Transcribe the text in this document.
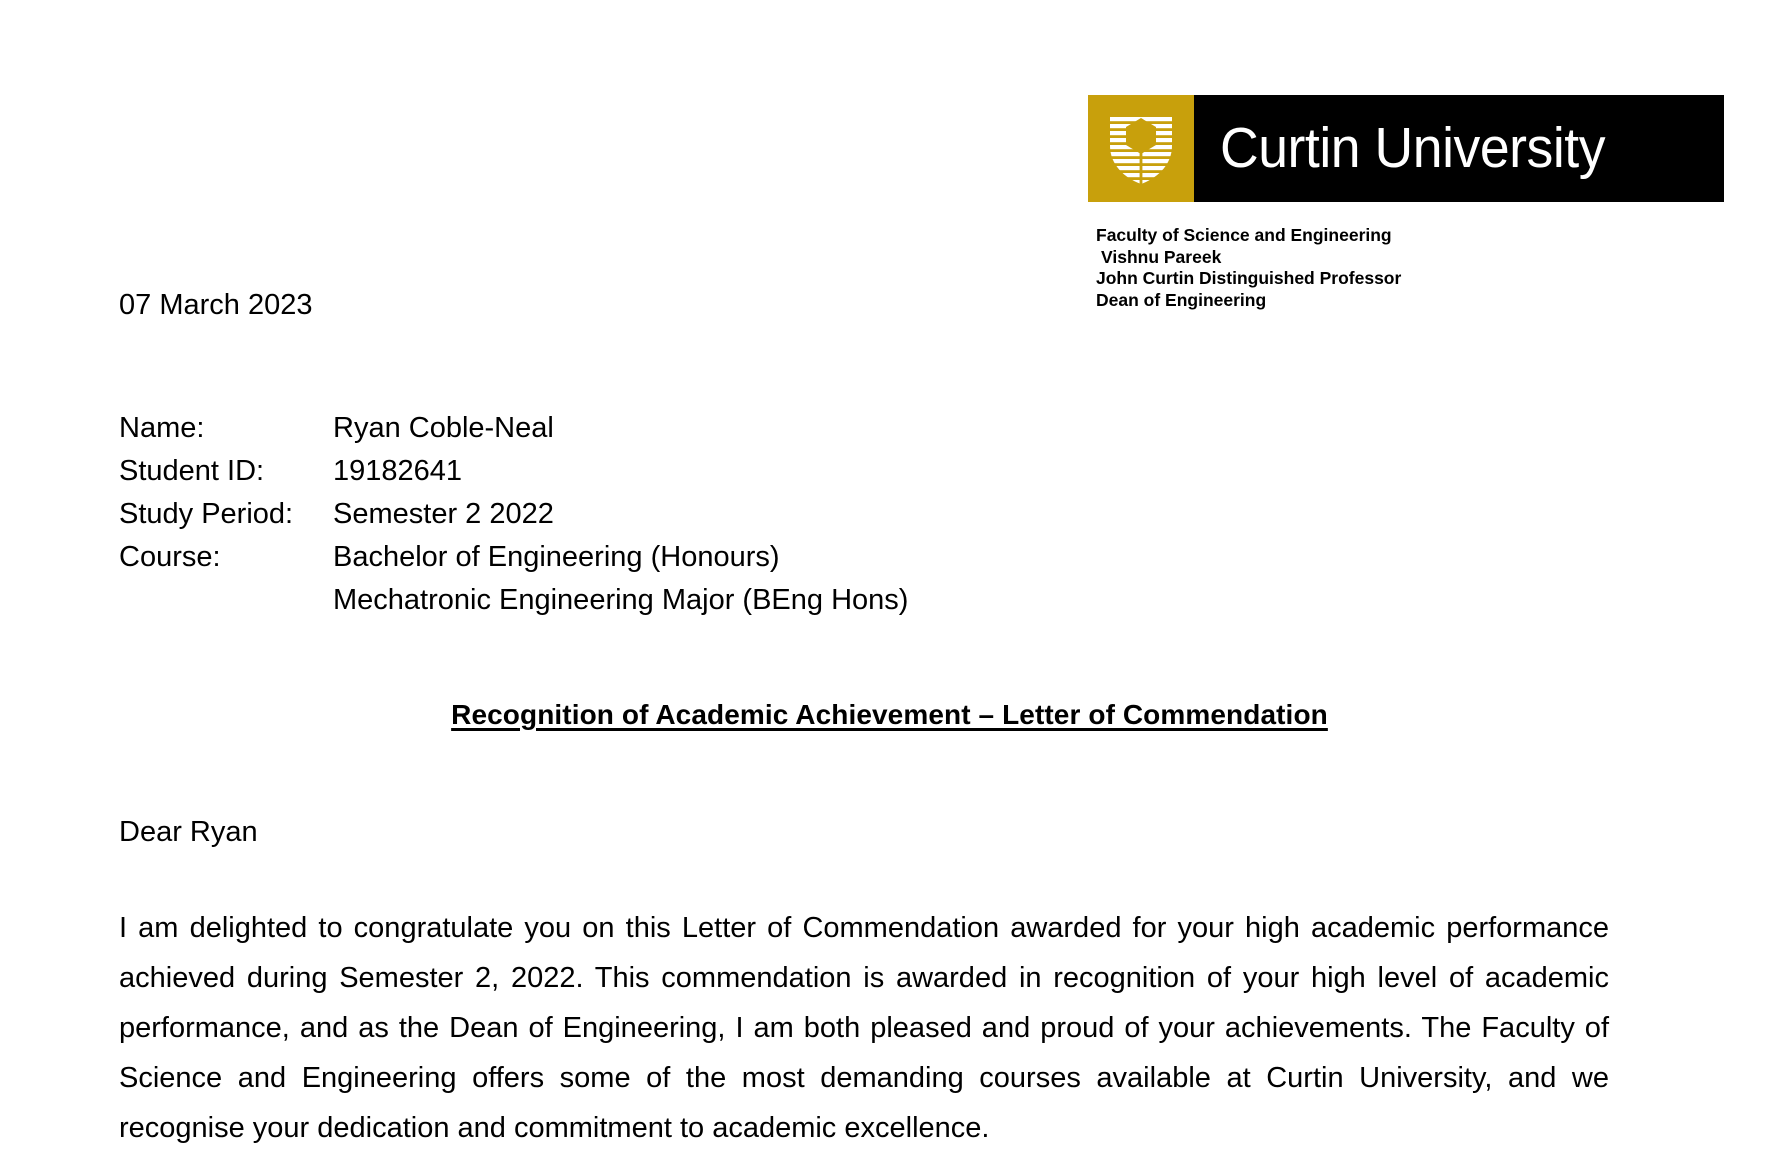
Curtin University
Faculty of Science and Engineering
Vishnu Pareek
John Curtin Distinguished Professor
Dean of Engineering
07 March 2023
Name:	Ryan Coble-Neal
Student ID:	19182641
Study Period:	Semester 2 2022
Course:	Bachelor of Engineering (Honours)
Mechatronic Engineering Major (BEng Hons)
Recognition of Academic Achievement – Letter of Commendation
Dear Ryan
I am delighted to congratulate you on this Letter of Commendation awarded for your high academic performance achieved during Semester 2, 2022. This commendation is awarded in recognition of your high level of academic performance, and as the Dean of Engineering, I am both pleased and proud of your achievements. The Faculty of Science and Engineering offers some of the most demanding courses available at Curtin University, and we recognise your dedication and commitment to academic excellence.
